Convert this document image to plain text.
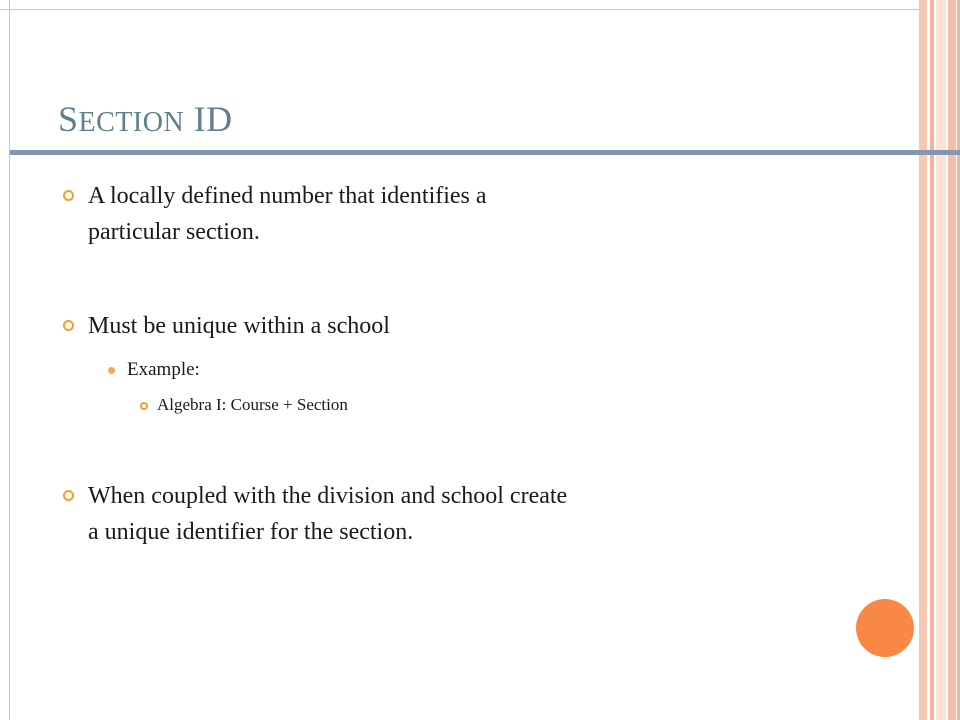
SECTION ID
A locally defined number that identifies a
particular section.
Must be unique within a school
Example:
Algebra I: Course + Section
When coupled with the division and school create
a unique identifier for the section.
